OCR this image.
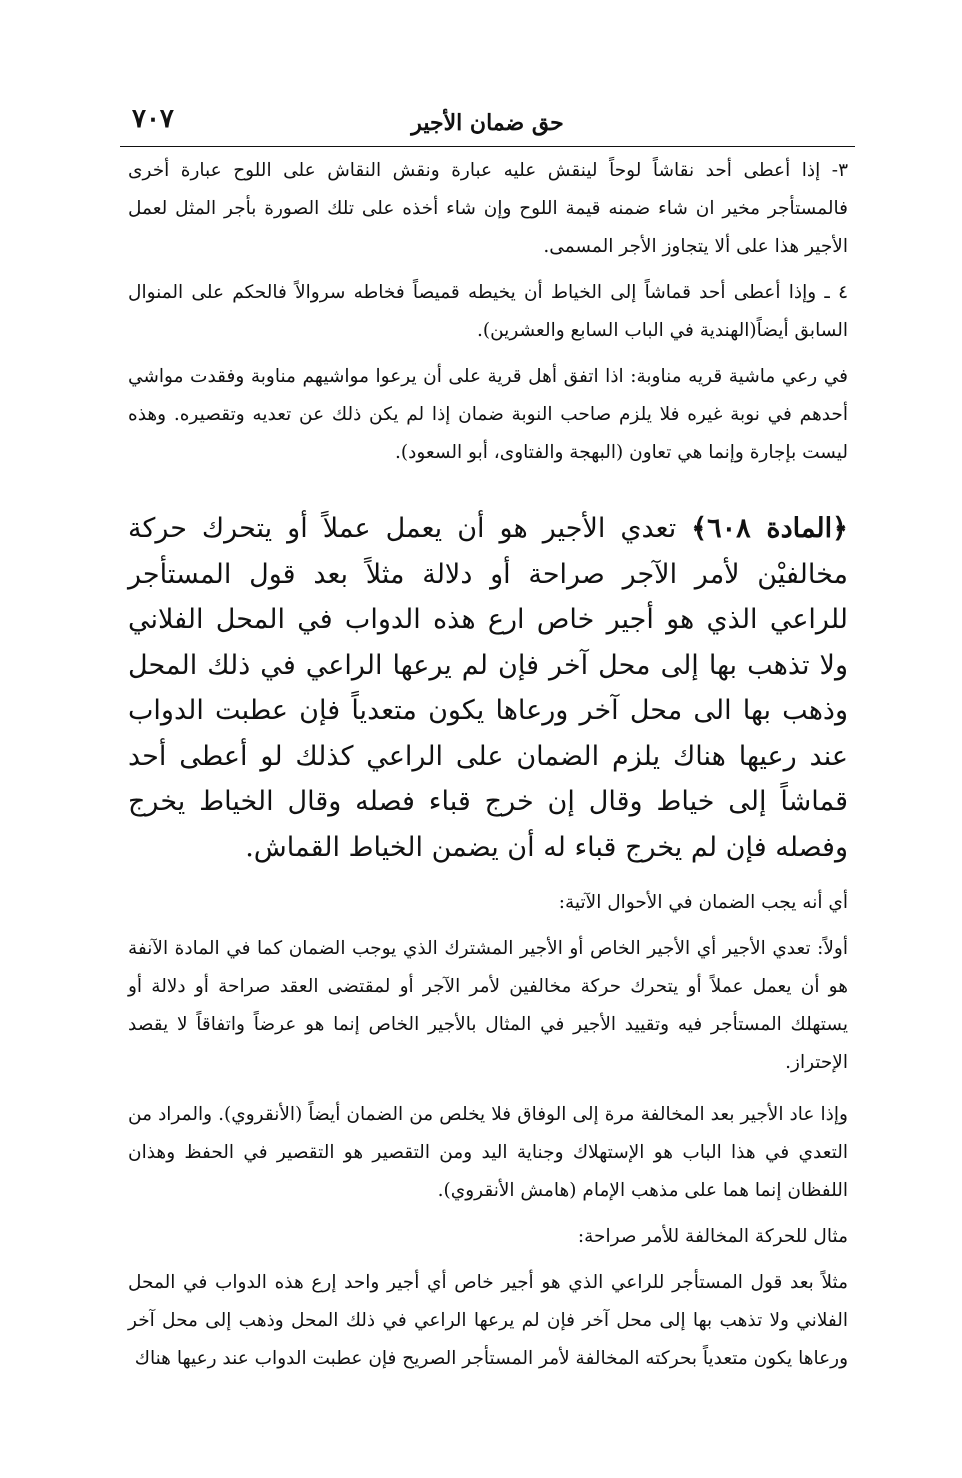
٧٠٧	حق ضمان الأجير

٣- إذا أعطى أحد نقاشاً لوحاً لينقش عليه عبارة ونقش النقاش على اللوح عبارة أخرى فالمستأجر مخير ان شاء ضمنه قيمة اللوح وإن شاء أخذه على تلك الصورة بأجر المثل لعمل الأجير هذا على ألا يتجاوز الأجر المسمى.

٤ ـ وإذا أعطى أحد قماشاً إلى الخياط أن يخيطه قميصاً فخاطه سروالاً فالحكم على المنوال السابق أيضاً(الهندية في الباب السابع والعشرين).

في رعي ماشية قريه مناوبة: اذا اتفق أهل قرية على أن يرعوا مواشيهم مناوبة وفقدت مواشي أحدهم في نوبة غيره فلا يلزم صاحب النوبة ضمان إذا لم يكن ذلك عن تعديه وتقصيره. وهذه ليست بإجارة وإنما هي تعاون (البهجة والفتاوى، أبو السعود).

﴿المادة ٦٠٨﴾ تعدي الأجير هو أن يعمل عملاً أو يتحرك حركة مخالفيْن لأمر الآجر صراحة أو دلالة مثلاً بعد قول المستأجر للراعي الذي هو أجير خاص ارع هذه الدواب في المحل الفلاني ولا تذهب بها إلى محل آخر فإن لم يرعها الراعي في ذلك المحل وذهب بها الى محل آخر ورعاها يكون متعدياً فإن عطبت الدواب عند رعيها هناك يلزم الضمان على الراعي كذلك لو أعطى أحد قماشاً إلى خياط وقال إن خرج قباء فصله وقال الخياط يخرج وفصله فإن لم يخرج قباء له أن يضمن الخياط القماش.

أي أنه يجب الضمان في الأحوال الآتية:

أولاً: تعدي الأجير أي الأجير الخاص أو الأجير المشترك الذي يوجب الضمان كما في المادة الآنفة هو أن يعمل عملاً أو يتحرك حركة مخالفين لأمر الآجر أو لمقتضى العقد صراحة أو دلالة أو يستهلك المستأجر فيه وتقييد الأجير في المثال بالأجير الخاص إنما هو عرضاً واتفاقاً لا يقصد الإحتراز.

وإذا عاد الأجير بعد المخالفة مرة إلى الوفاق فلا يخلص من الضمان أيضاً (الأنقروي). والمراد من التعدي في هذا الباب هو الإستهلاك وجناية اليد ومن التقصير هو التقصير في الحفظ وهذان اللفظان إنما هما على مذهب الإمام (هامش الأنقروي).

مثال للحركة المخالفة للأمر صراحة:

مثلاً بعد قول المستأجر للراعي الذي هو أجير خاص أي أجير واحد إرع هذه الدواب في المحل الفلاني ولا تذهب بها إلى محل آخر فإن لم يرعها الراعي في ذلك المحل وذهب إلى محل آخر ورعاها يكون متعدياً بحركته المخالفة لأمر المستأجر الصريح فإن عطبت الدواب عند رعيها هناك
